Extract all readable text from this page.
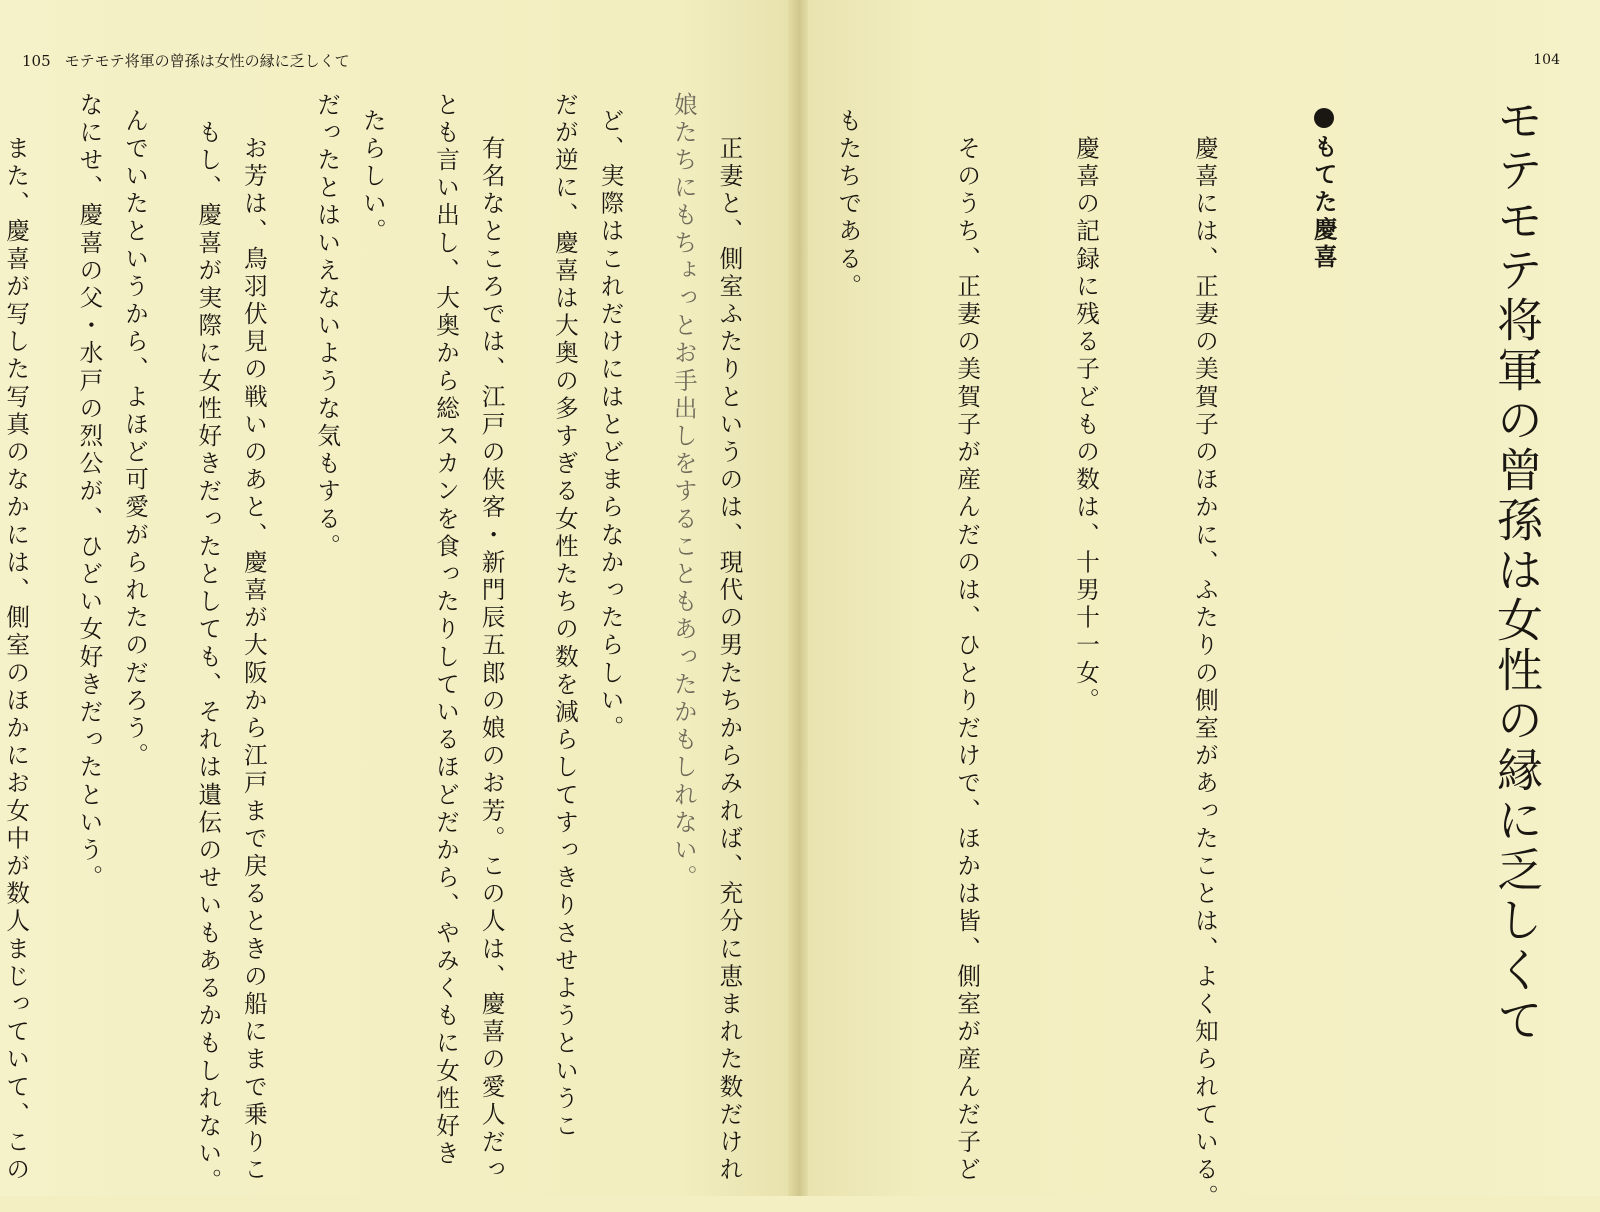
105 モテモテ将軍の曾孫は女性の縁に乏しくて

娘たちにもちょっとお手出しをすることもあったかもしれない。

だが逆に、慶喜は大奥の多すぎる女性たちの数を減らしてすっきりさせようというこ

とも言い出し、大奥から総スカンを食ったりしているほどだから、やみくもに女性好き

だったとはいえないような気もする。

　もし、慶喜が実際に女性好きだったとしても、それは遺伝のせいもあるかもしれない。

なにせ、慶喜の父・水戸の烈公が、ひどい女好きだったという。

104
モテモテ将軍の曾孫は女性の縁に乏しくて

もてた慶喜

　慶喜には、正妻の美賀子のほかに、ふたりの側室があったことは、よく知られている。

　慶喜の記録に残る子どもの数は、十男十一女。

　そのうち、正妻の美賀子が産んだのは、ひとりだけで、ほかは皆、側室が産んだ子ど

もたちである。

　正妻と、側室ふたりというのは、現代の男たちからみれば、充分に恵まれた数だけれ

ど、実際はこれだけにはとどまらなかったらしい。

　有名なところでは、江戸の侠客・新門辰五郎の娘のお芳。この人は、慶喜の愛人だっ

たらしい。

　お芳は、鳥羽伏見の戦いのあと、慶喜が大阪から江戸まで戻るときの船にまで乗りこ

んでいたというから、よほど可愛がられたのだろう。

　また、慶喜が写した写真のなかには、側室のほかにお女中が数人まじっていて、この
